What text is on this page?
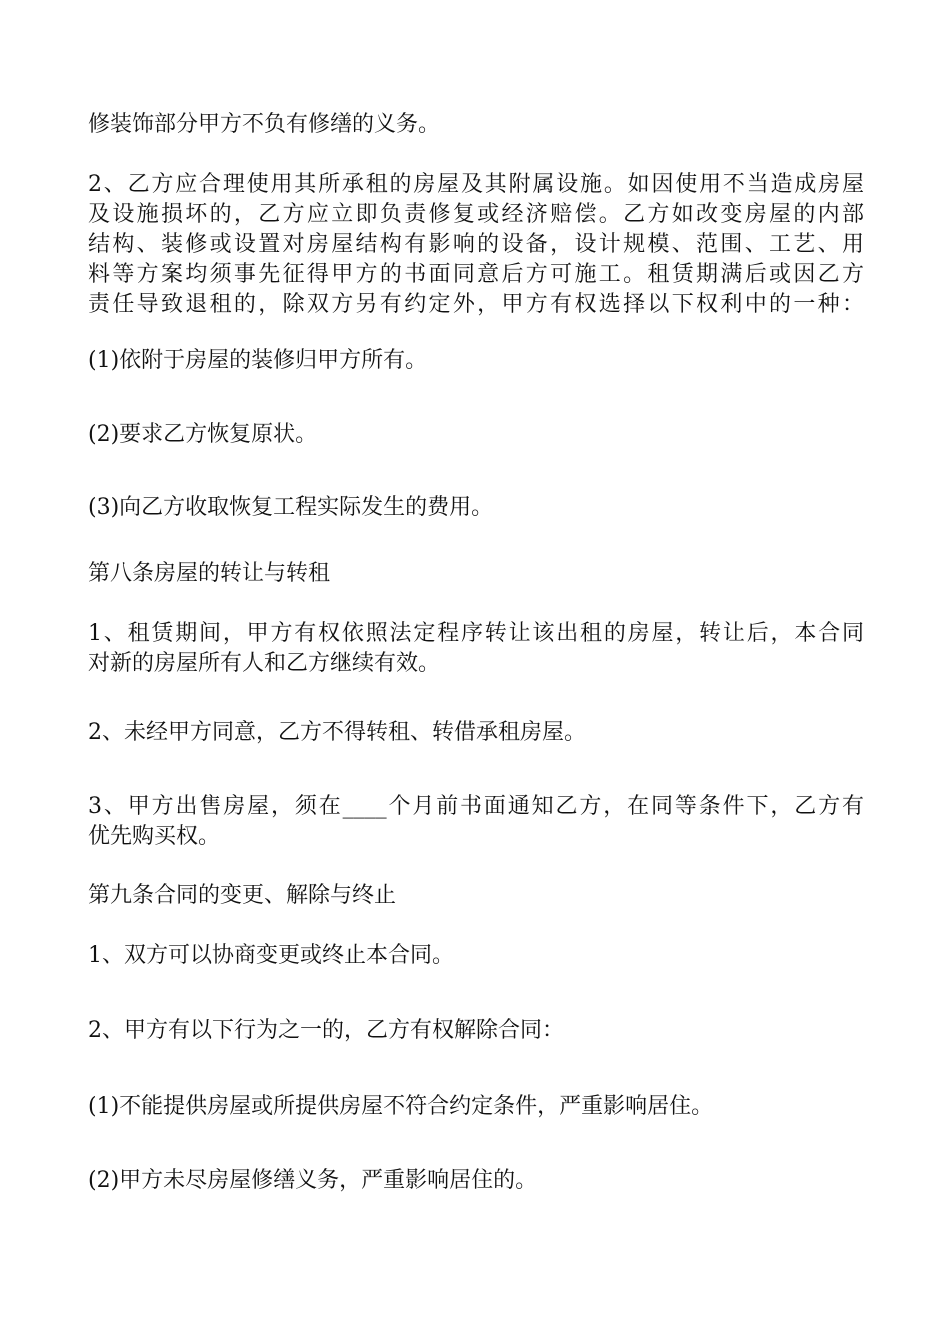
修装饰部分甲方不负有修缮的义务。

2、乙方应合理使用其所承租的房屋及其附属设施。如因使用不当造成房屋
及设施损坏的，乙方应立即负责修复或经济赔偿。乙方如改变房屋的内部
结构、装修或设置对房屋结构有影响的设备，设计规模、范围、工艺、用
料等方案均须事先征得甲方的书面同意后方可施工。租赁期满后或因乙方
责任导致退租的，除双方另有约定外，甲方有权选择以下权利中的一种：

(1)依附于房屋的装修归甲方所有。

(2)要求乙方恢复原状。

(3)向乙方收取恢复工程实际发生的费用。

第八条房屋的转让与转租

1、租赁期间，甲方有权依照法定程序转让该出租的房屋，转让后，本合同
对新的房屋所有人和乙方继续有效。

2、未经甲方同意，乙方不得转租、转借承租房屋。

3、甲方出售房屋，须在____个月前书面通知乙方，在同等条件下，乙方有
优先购买权。

第九条合同的变更、解除与终止

1、双方可以协商变更或终止本合同。

2、甲方有以下行为之一的，乙方有权解除合同：

(1)不能提供房屋或所提供房屋不符合约定条件，严重影响居住。

(2)甲方未尽房屋修缮义务，严重影响居住的。
